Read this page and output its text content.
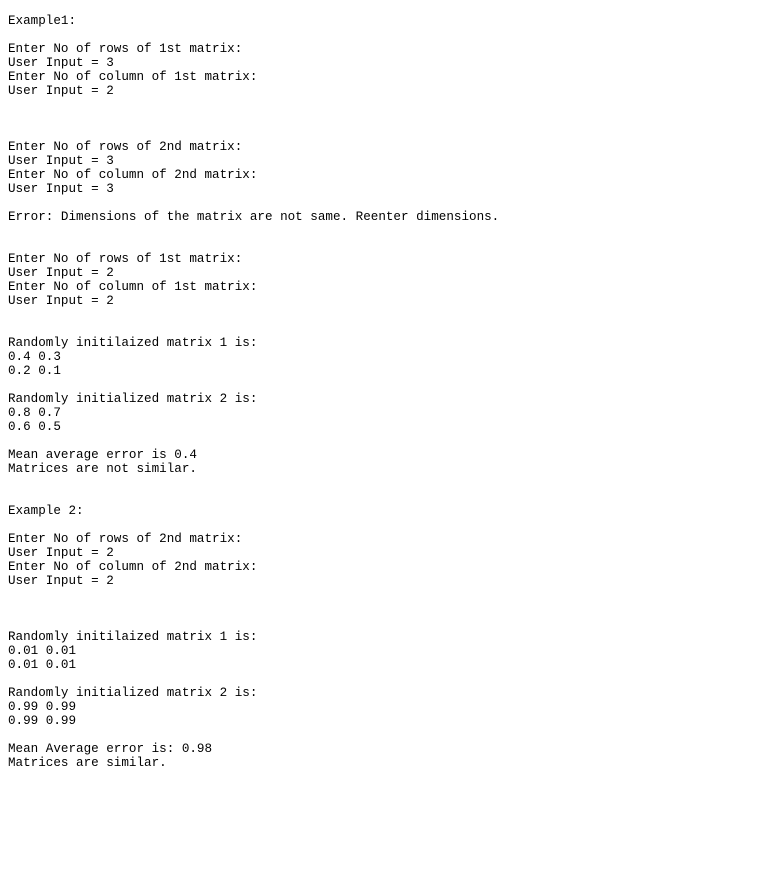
Example1:
Enter No of rows of 1st matrix:
User Input = 3
Enter No of column of 1st matrix:
User Input = 2
Enter No of rows of 2nd matrix:
User Input = 3
Enter No of column of 2nd matrix:
User Input = 3
Error: Dimensions of the matrix are not same. Reenter dimensions.
Enter No of rows of 1st matrix:
User Input = 2
Enter No of column of 1st matrix:
User Input = 2
Randomly initilaized matrix 1 is:
0.4 0.3
0.2 0.1
Randomly initialized matrix 2 is:
0.8 0.7
0.6 0.5
Mean average error is 0.4
Matrices are not similar.
Example 2:
Enter No of rows of 2nd matrix:
User Input = 2
Enter No of column of 2nd matrix:
User Input = 2
Randomly initilaized matrix 1 is:
0.01 0.01
0.01 0.01
Randomly initialized matrix 2 is:
0.99 0.99
0.99 0.99
Mean Average error is: 0.98
Matrices are similar.
